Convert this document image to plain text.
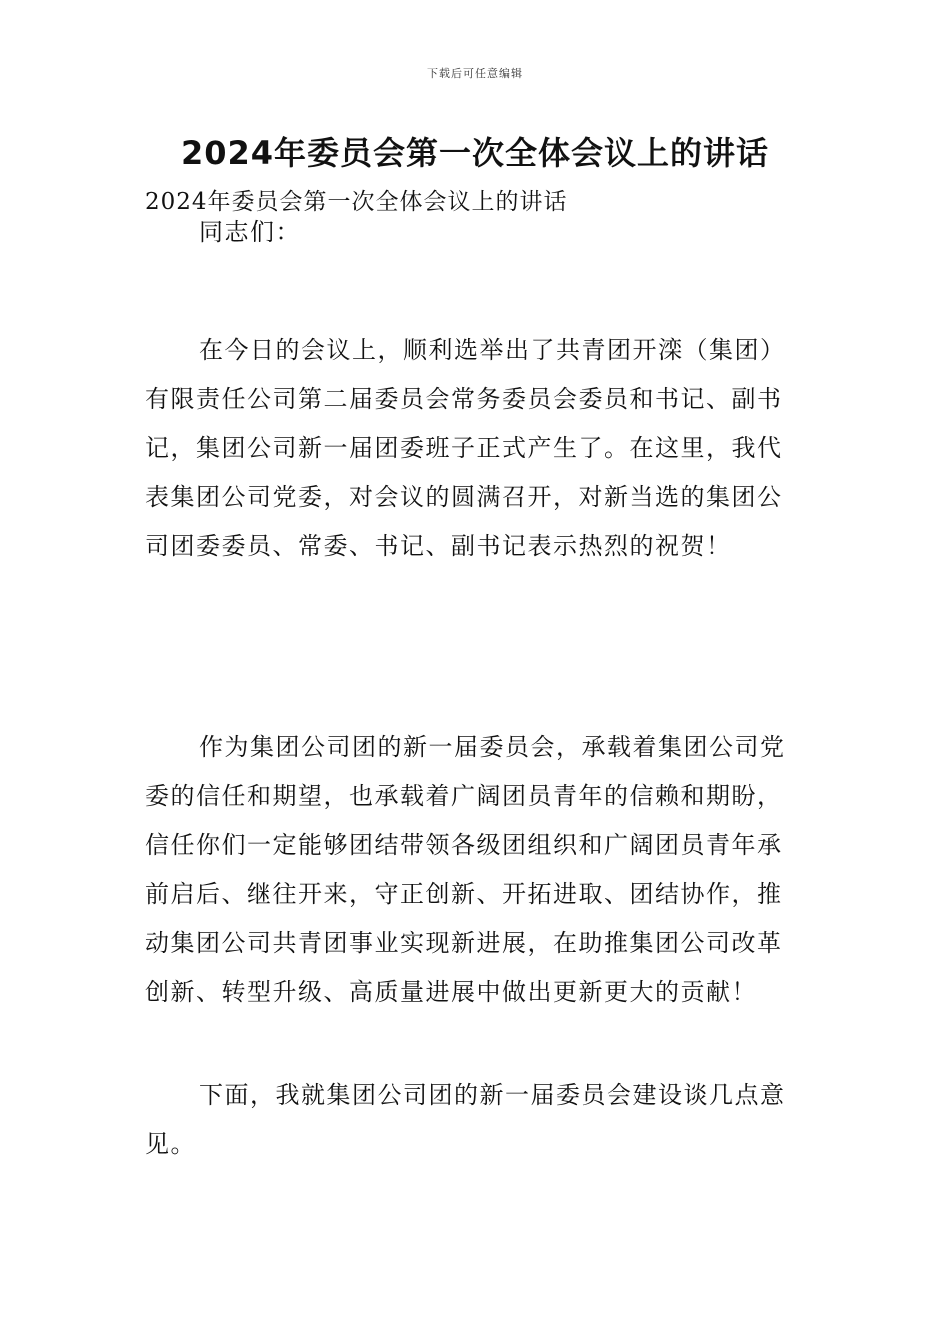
下载后可任意编辑
2024年委员会第一次全体会议上的讲话

2024年委员会第一次全体会议上的讲话

同志们：

在今日的会议上，顺利选举出了共青团开滦（集团）有限责任公司第二届委员会常务委员会委员和书记、副书记，集团公司新一届团委班子正式产生了。在这里，我代表集团公司党委，对会议的圆满召开，对新当选的集团公司团委委员、常委、书记、副书记表示热烈的祝贺！

作为集团公司团的新一届委员会，承载着集团公司党委的信任和期望，也承载着广阔团员青年的信赖和期盼，信任你们一定能够团结带领各级团组织和广阔团员青年承前启后、继往开来，守正创新、开拓进取、团结协作，推动集团公司共青团事业实现新进展，在助推集团公司改革创新、转型升级、高质量进展中做出更新更大的贡献！

下面，我就集团公司团的新一届委员会建设谈几点意见。
